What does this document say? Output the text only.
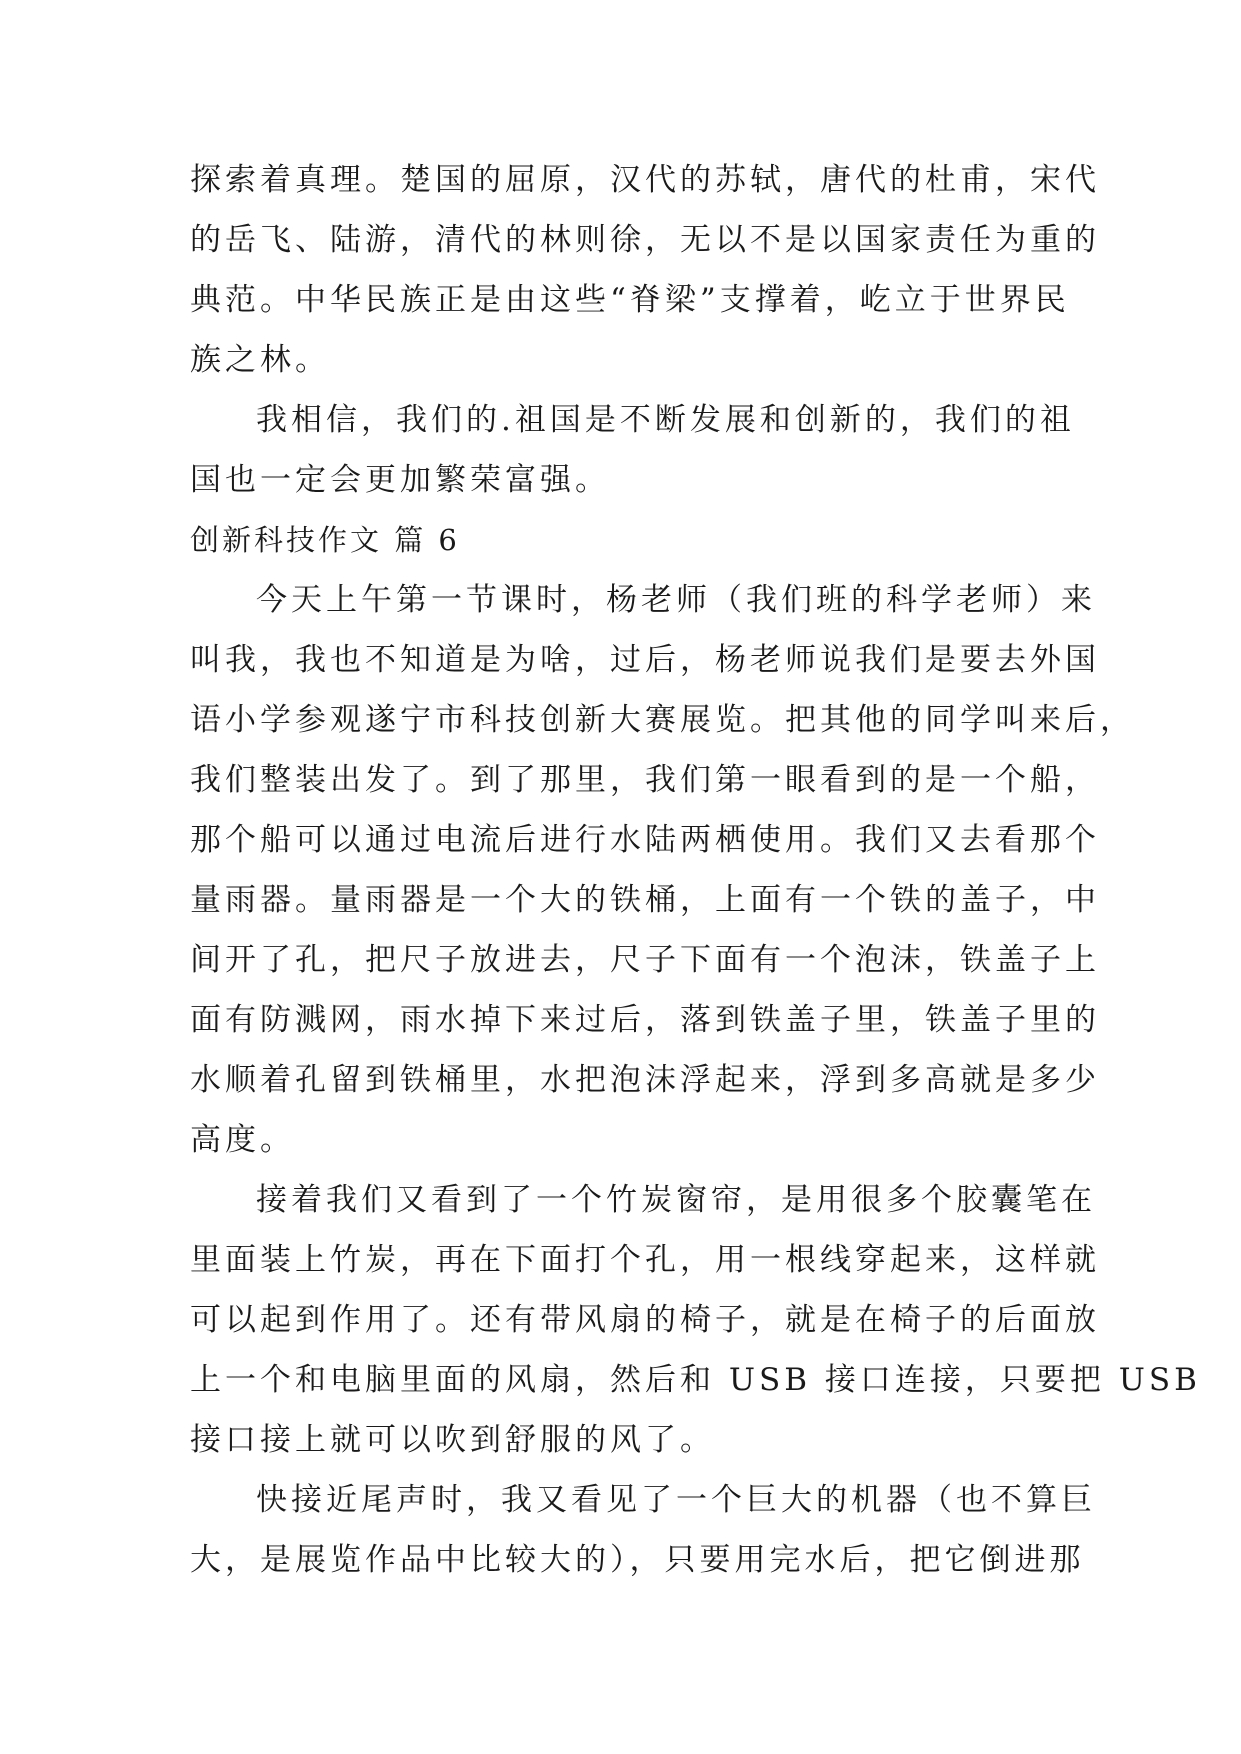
探索着真理。楚国的屈原，汉代的苏轼，唐代的杜甫，宋代
的岳飞、陆游，清代的林则徐，无以不是以国家责任为重的
典范。中华民族正是由这些“脊梁”支撑着，屹立于世界民
族之林。
我相信，我们的.祖国是不断发展和创新的，我们的祖
国也一定会更加繁荣富强。
创新科技作文 篇 6
今天上午第一节课时，杨老师（我们班的科学老师）来
叫我，我也不知道是为啥，过后，杨老师说我们是要去外国
语小学参观遂宁市科技创新大赛展览。把其他的同学叫来后，
我们整装出发了。到了那里，我们第一眼看到的是一个船，
那个船可以通过电流后进行水陆两栖使用。我们又去看那个
量雨器。量雨器是一个大的铁桶，上面有一个铁的盖子，中
间开了孔，把尺子放进去，尺子下面有一个泡沫，铁盖子上
面有防溅网，雨水掉下来过后，落到铁盖子里，铁盖子里的
水顺着孔留到铁桶里，水把泡沫浮起来，浮到多高就是多少
高度。
接着我们又看到了一个竹炭窗帘，是用很多个胶囊笔在
里面装上竹炭，再在下面打个孔，用一根线穿起来，这样就
可以起到作用了。还有带风扇的椅子，就是在椅子的后面放
上一个和电脑里面的风扇，然后和 USB 接口连接，只要把 USB
接口接上就可以吹到舒服的风了。
快接近尾声时，我又看见了一个巨大的机器（也不算巨
大，是展览作品中比较大的），只要用完水后，把它倒进那
